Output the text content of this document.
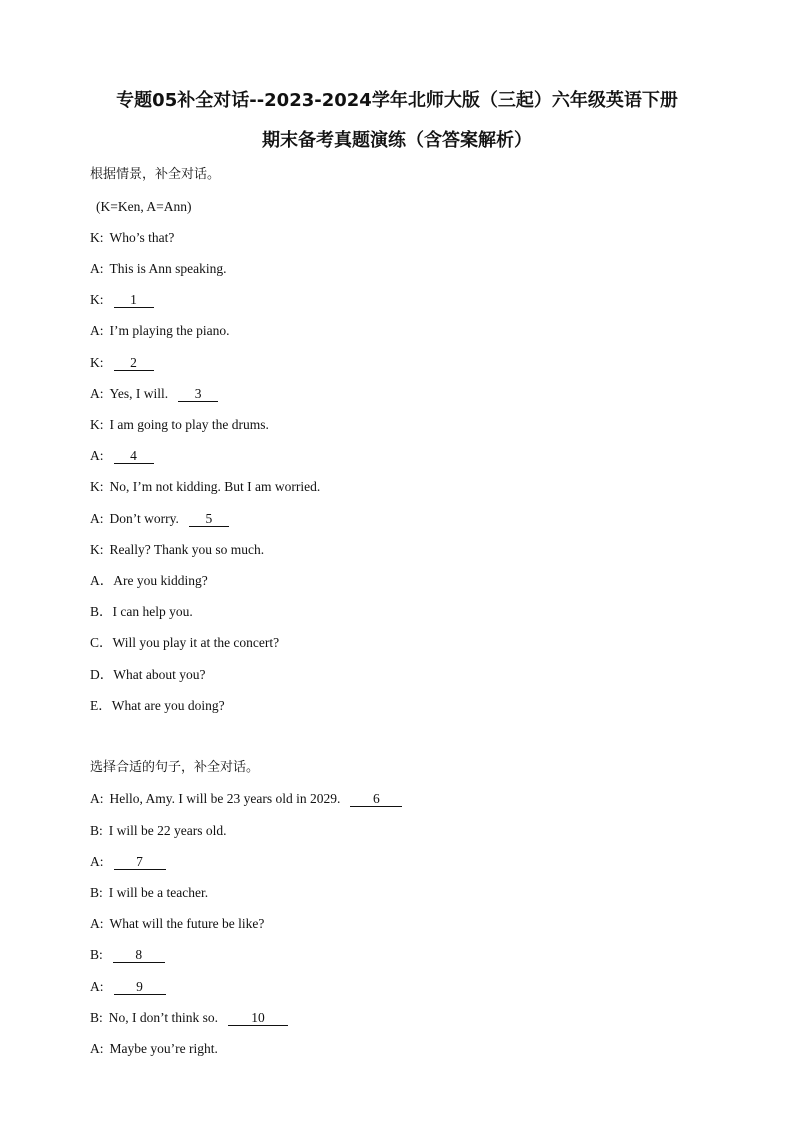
专题05补全对话--2023-2024学年北师大版（三起）六年级英语下册
期末备考真题演练（含答案解析）
根据情景，补全对话。
(K=Ken, A=Ann)
K: Who’s that?
A: This is Ann speaking.
K: 1
A: I’m playing the piano.
K: 2
A: Yes, I will. 3
K: I am going to play the drums.
A: 4
K: No, I’m not kidding. But I am worried.
A: Don’t worry. 5
K: Really? Thank you so much.
A．Are you kidding?
B．I can help you.
C．Will you play it at the concert?
D．What about you?
E．What are you doing?
选择合适的句子，补全对话。
A: Hello, Amy. I will be 23 years old in 2029. 6
B: I will be 22 years old.
A: 7
B: I will be a teacher.
A: What will the future be like?
B: 8
A: 9
B: No, I don’t think so. 10
A: Maybe you’re right.
